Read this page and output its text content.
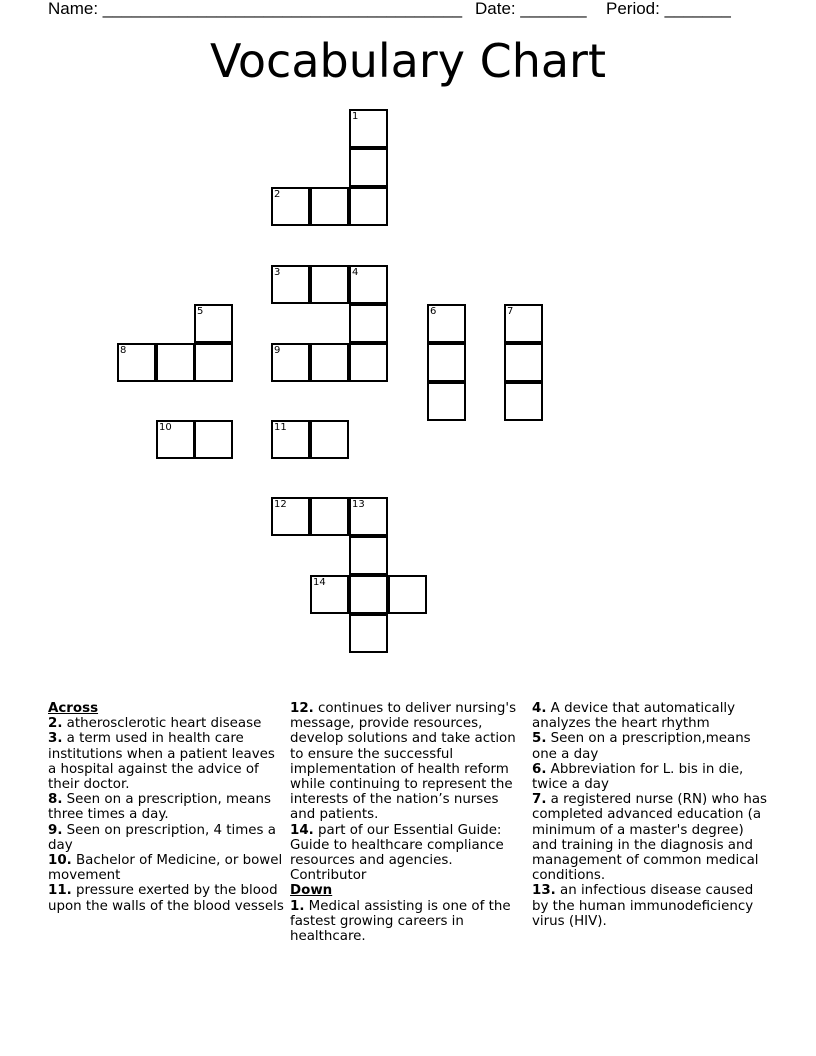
Name: ______________________________________ Date: _______ Period: _______
Vocabulary Chart
1
2
3	4
9
5
8
6	7
10	11
12	13
14
Across
2. atherosclerotic heart disease
3. a term used in health care institutions when a patient leaves a hospital against the advice of their doctor.
8. Seen on a prescription, means three times a day.
9. Seen on prescription, 4 times a day
10. Bachelor of Medicine, or bowel movement
11. pressure exerted by the blood upon the walls of the blood vessels
12. continues to deliver nursing's message, provide resources, develop solutions and take action to ensure the successful implementation of health reform while continuing to represent the interests of the nation’s nurses and patients.
14. part of our Essential Guide: Guide to healthcare compliance resources and agencies. Contributor
Down
1. Medical assisting is one of the fastest growing careers in healthcare.
4. A device that automatically analyzes the heart rhythm
5. Seen on a prescription,means one a day
6. Abbreviation for L. bis in die, twice a day
7. a registered nurse (RN) who has completed advanced education (a minimum of a master's degree) and training in the diagnosis and management of common medical conditions.
13. an infectious disease caused by the human immunodeficiency virus (HIV).
